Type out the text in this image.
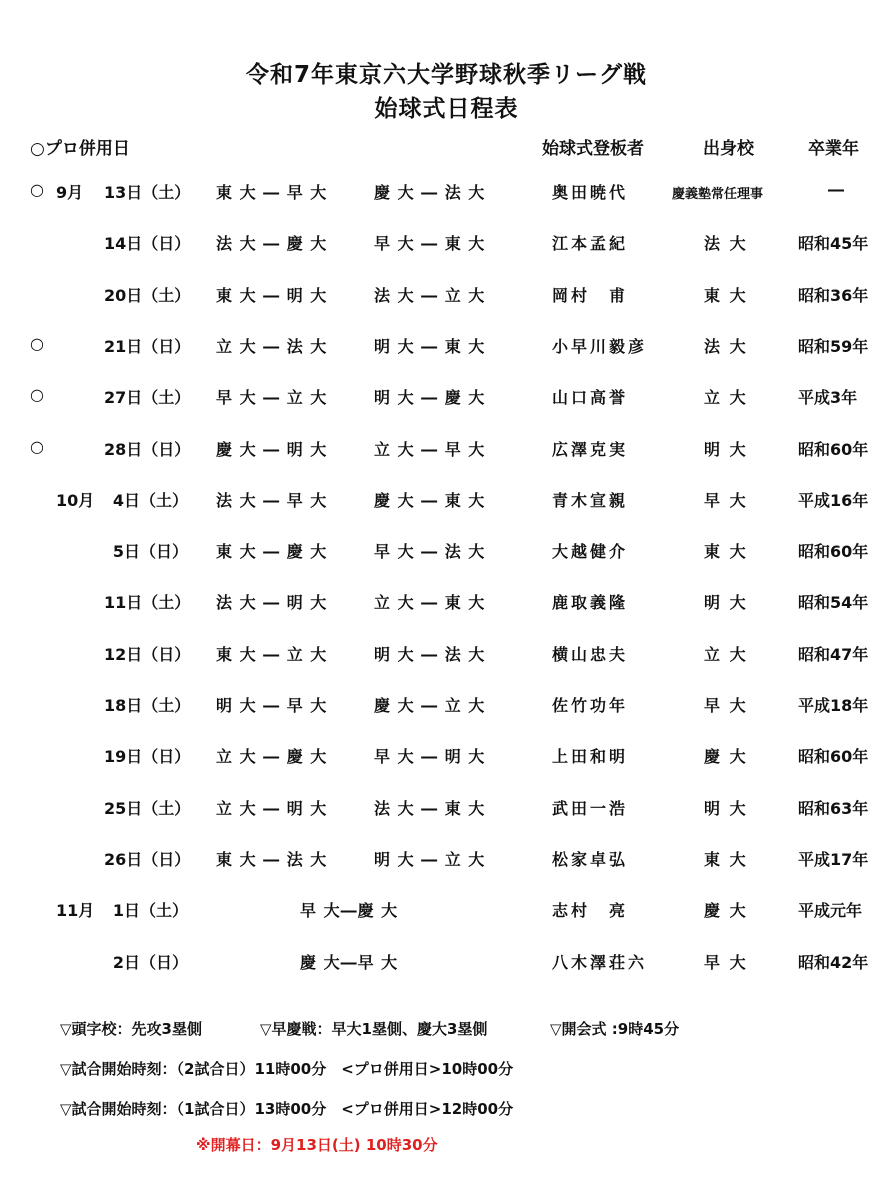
令和7年東京六大学野球秋季リーグ戦
始球式日程表
○プロ併用日	始球式登板者	出身校	卒業年
○ 9月 13日（土） 東 大 ― 早 大	慶 大 ― 法 大	奥田暁代	慶義塾常任理事	―
14日（日） 法 大 ― 慶 大	早 大 ― 東 大	江本孟紀	法 大	昭和45年
20日（土） 東 大 ― 明 大	法 大 ― 立 大	岡村　甫	東 大	昭和36年
○	21日（日） 立 大 ― 法 大	明 大 ― 東 大	小早川毅彦	法 大	昭和59年
○	27日（土） 早 大 ― 立 大	明 大 ― 慶 大	山口高誉	立 大	平成3年
○	28日（日） 慶 大 ― 明 大	立 大 ― 早 大	広澤克実	明 大	昭和60年
10月	4日（土） 法 大 ― 早 大	慶 大 ― 東 大	青木宣親	早 大	平成16年
5日（日） 東 大 ― 慶 大	早 大 ― 法 大	大越健介	東 大	昭和60年
11日（土） 法 大 ― 明 大	立 大 ― 東 大	鹿取義隆	明 大	昭和54年
12日（日） 東 大 ― 立 大	明 大 ― 法 大	横山忠夫	立 大	昭和47年
18日（土） 明 大 ― 早 大	慶 大 ― 立 大	佐竹功年	早 大	平成18年
19日（日） 立 大 ― 慶 大	早 大 ― 明 大	上田和明	慶 大	昭和60年
25日（土） 立 大 ― 明 大	法 大 ― 東 大	武田一浩	明 大	昭和63年
26日（日） 東 大 ― 法 大	明 大 ― 立 大	松家卓弘	東 大	平成17年
11月	1日（土）	早 大―慶 大	志村　亮	慶 大	平成元年
2日（日）	慶 大―早 大	八木澤荘六	早 大	昭和42年
▽頭字校：先攻3塁側	▽早慶戦：早大1塁側、慶大3塁側	▽開会式 :9時45分
▽試合開始時刻：（2試合日）11時00分　<プロ併用日>10時00分
▽試合開始時刻：（1試合日）13時00分　<プロ併用日>12時00分
※開幕日：9月13日(土) 10時30分
